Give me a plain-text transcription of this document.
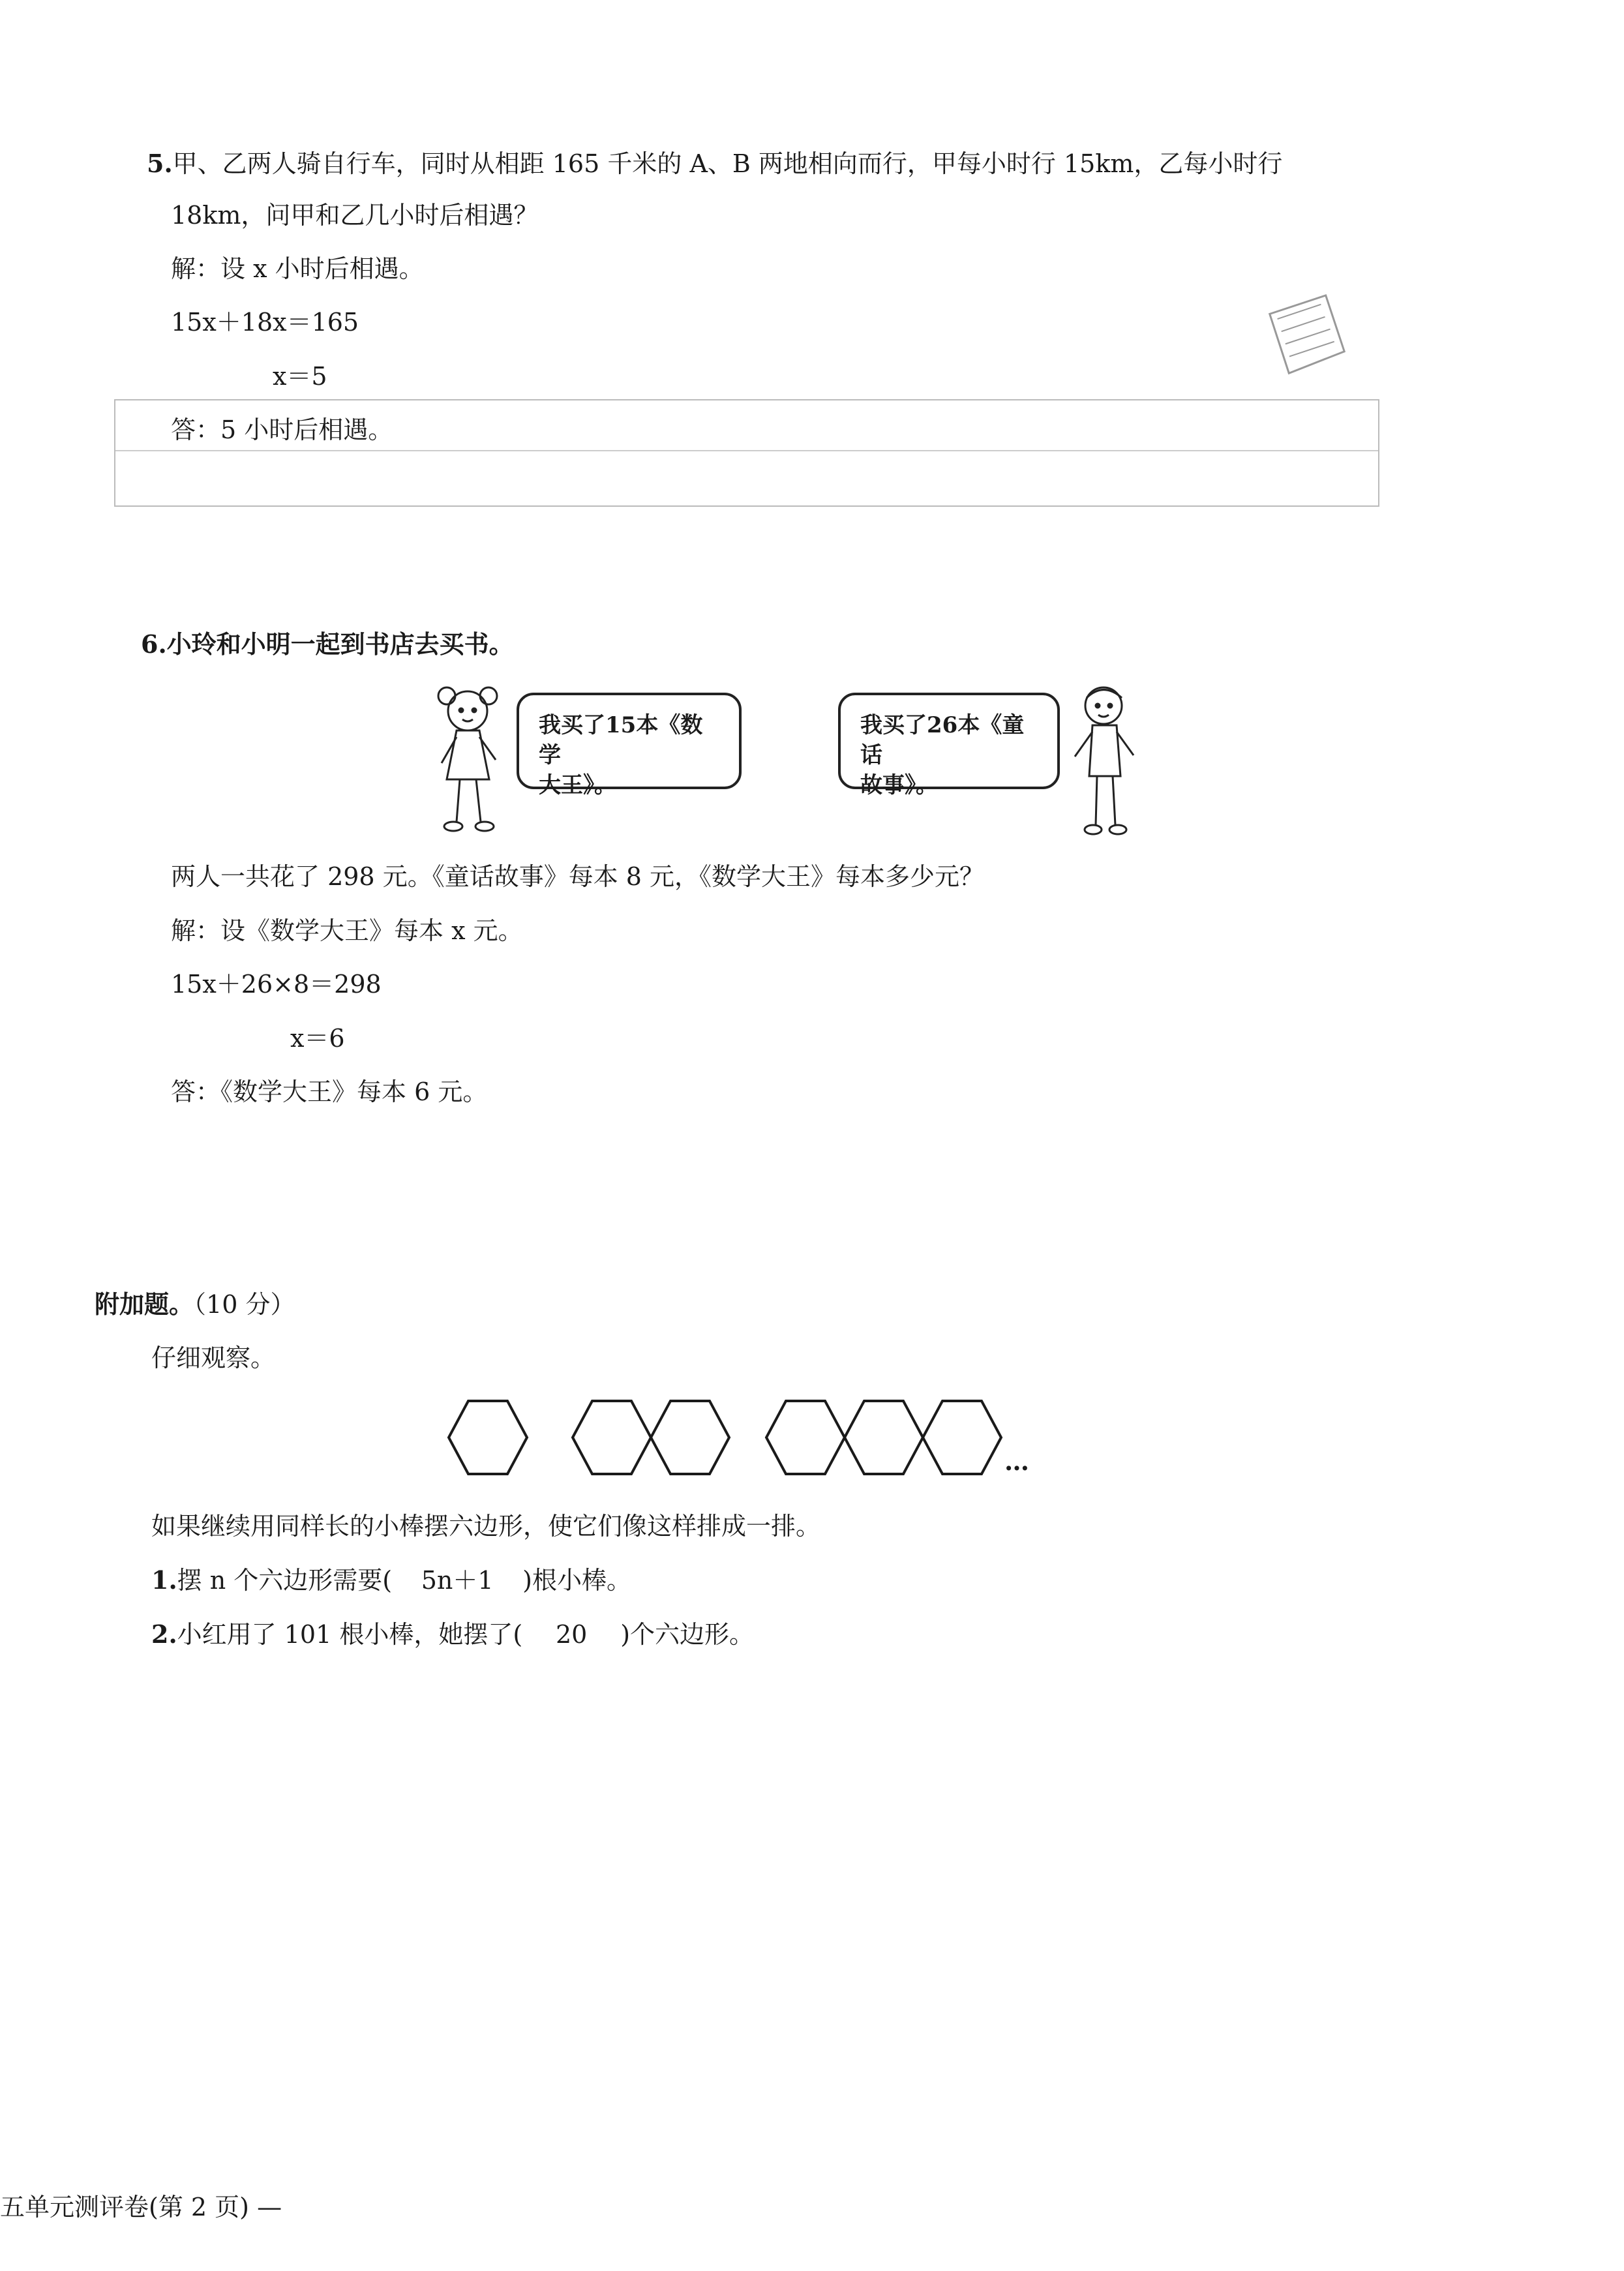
5.甲、乙两人骑自行车，同时从相距 165 千米的 A、B 两地相向而行，甲每小时行 15km，乙每小时行
18km，问甲和乙几小时后相遇？
解：设 x 小时后相遇。
15x＋18x＝165
x＝5
答：5 小时后相遇。
6.小玲和小明一起到书店去买书。
我买了15本《数学
大王》。
我买了26本《童话
故事》。
两人一共花了 298 元。《童话故事》每本 8 元，《数学大王》每本多少元？
解：设《数学大王》每本 x 元。
15x＋26×8＝298
x＝6
答：《数学大王》每本 6 元。
附加题。（10 分）
仔细观察。
…
如果继续用同样长的小棒摆六边形，使它们像这样排成一排。
1.摆 n 个六边形需要( 5n＋1 )根小棒。
2.小红用了 101 根小棒，她摆了( 20 )个六边形。
五单元测评卷(第 2 页) —
